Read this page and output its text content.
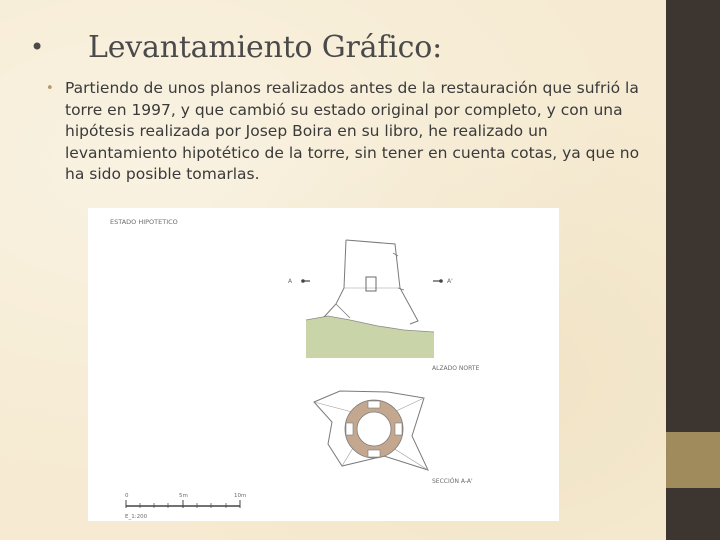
•	Levantamiento Gráfico:
• Partiendo de unos planos realizados antes de la restauración que sufrió la torre en 1997, y que cambió su estado original por completo, y con una hipótesis realizada por Josep Boira en su libro, he realizado un levantamiento hipotético de la torre, sin tener en cuenta cotas, ya que no ha sido posible tomarlas.
ESTADO HIPOTETICO
A	A'
ALZADO NORTE
SECCIÓN A-A'
0	5m	10m
E_1:200
